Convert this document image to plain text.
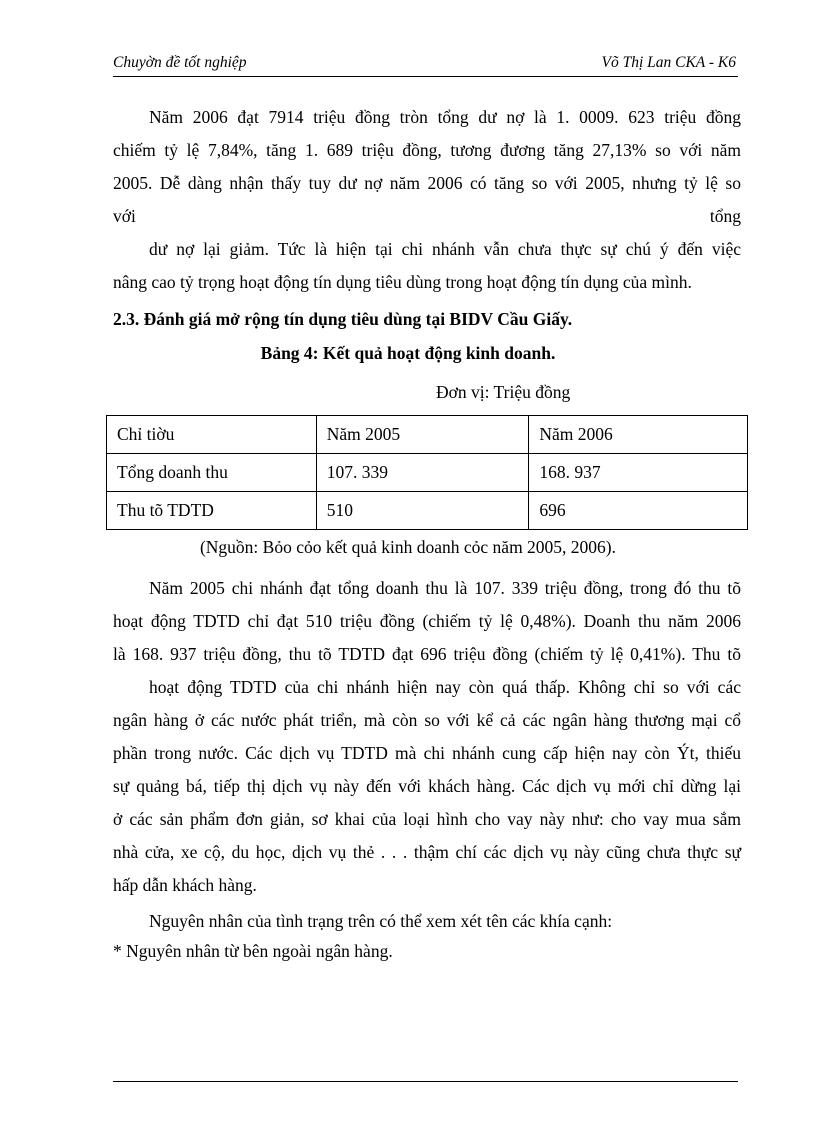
Chuyờn đề tốt nghiệp	Võ Thị Lan CKA - K6
Năm 2006 đạt 7914 triệu đồng tròn tổng dư nợ là 1. 0009. 623 triệu đồng
chiếm tỷ lệ 7,84%, tăng 1. 689 triệu đồng, tương đương tăng 27,13% so với năm
2005. Dễ dàng nhận thấy tuy dư nợ năm 2006 có tăng so với 2005, nhưng tỷ lệ so
với	tổng
dư nợ lại giảm. Tức là hiện tại chi nhánh vẫn chưa thực sự chú ý đến việc
nâng cao tỷ trọng hoạt động tín dụng tiêu dùng trong hoạt động tín dụng của mình.
2.3. Đánh giá mở rộng tín dụng tiêu dùng tại BIDV Cầu Giấy.
Bảng 4: Kết quả hoạt động kinh doanh.
Đơn vị: Triệu đồng
Chỉ tiờu	Năm 2005	Năm 2006
Tổng doanh thu	107. 339	168. 937
Thu tõ TDTD	510	696
(Nguồn: Bỏo cỏo kết quả kinh doanh cỏc năm 2005, 2006).
Năm 2005 chi nhánh đạt tổng doanh thu là 107. 339 triệu đồng, trong đó thu tõ
hoạt động TDTD chỉ đạt 510 triệu đồng (chiếm tỷ lệ 0,48%). Doanh thu năm 2006
là 168. 937 triệu đồng, thu tõ TDTD đạt 696 triệu đồng (chiếm tỷ lệ 0,41%). Thu tõ
hoạt động TDTD của chi nhánh hiện nay còn quá thấp. Không chỉ so với các
ngân hàng ở các nước phát triển, mà còn so với kể cả các ngân hàng thương mại cổ
phần trong nước. Các dịch vụ TDTD mà chi nhánh cung cấp hiện nay còn Ýt, thiếu
sự quảng bá, tiếp thị dịch vụ này đến với khách hàng. Các dịch vụ mới chỉ dừng lại
ở các sản phẩm đơn giản, sơ khai của loại hình cho vay này như: cho vay mua sắm
nhà cửa, xe cộ, du học, dịch vụ thẻ . . . thậm chí các dịch vụ này cũng chưa thực sự
hấp dẫn khách hàng.
Nguyên nhân của tình trạng trên có thể xem xét tên các khía cạnh:
* Nguyên nhân từ bên ngoài ngân hàng.
